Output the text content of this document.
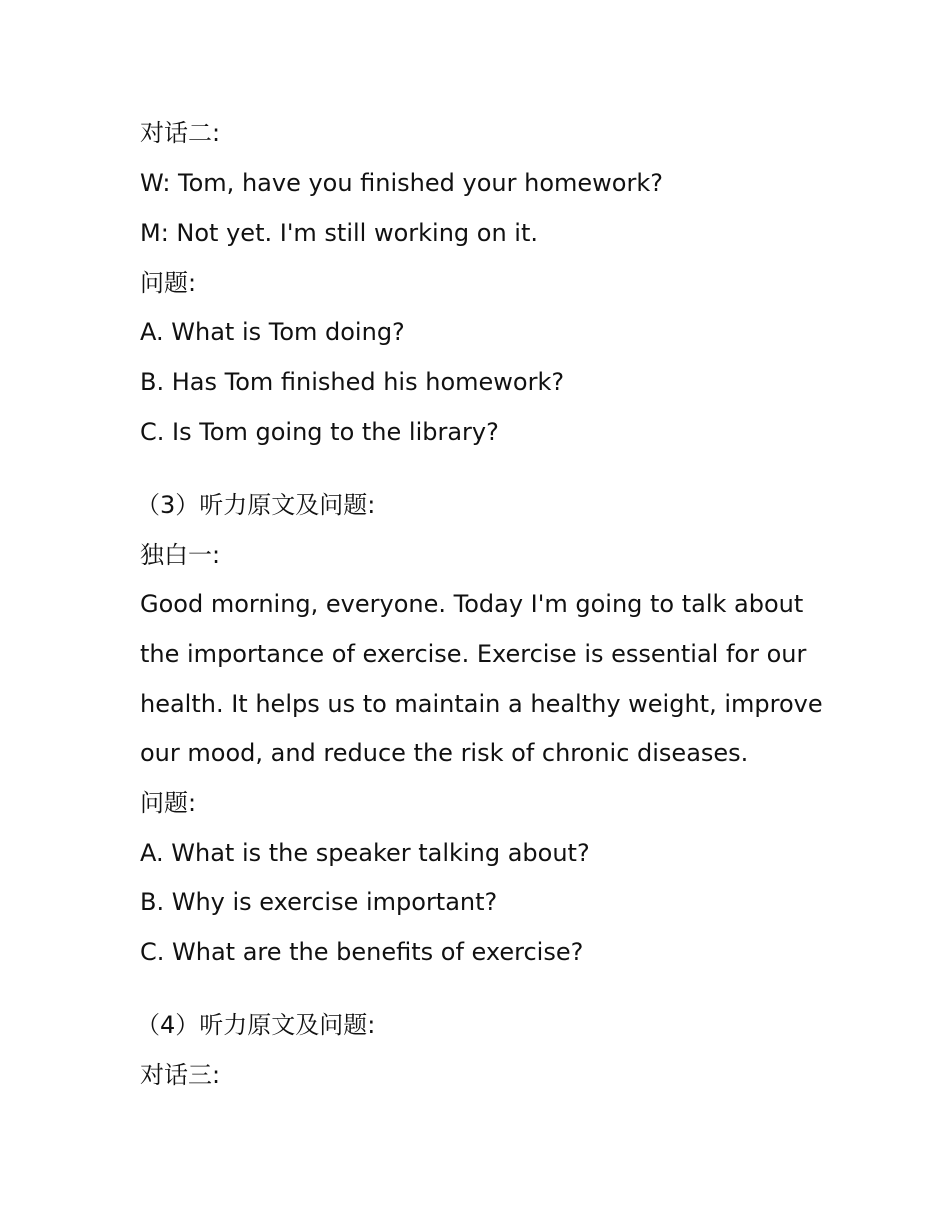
对话二:
W: Tom, have you finished your homework?
M: Not yet. I'm still working on it.
问题:
A. What is Tom doing?
B. Has Tom finished his homework?
C. Is Tom going to the library?
（3）听力原文及问题:
独白一:
Good morning, everyone. Today I'm going to talk about
the importance of exercise. Exercise is essential for our
health. It helps us to maintain a healthy weight, improve
our mood, and reduce the risk of chronic diseases.
问题:
A. What is the speaker talking about?
B. Why is exercise important?
C. What are the benefits of exercise?
（4）听力原文及问题:
对话三:
